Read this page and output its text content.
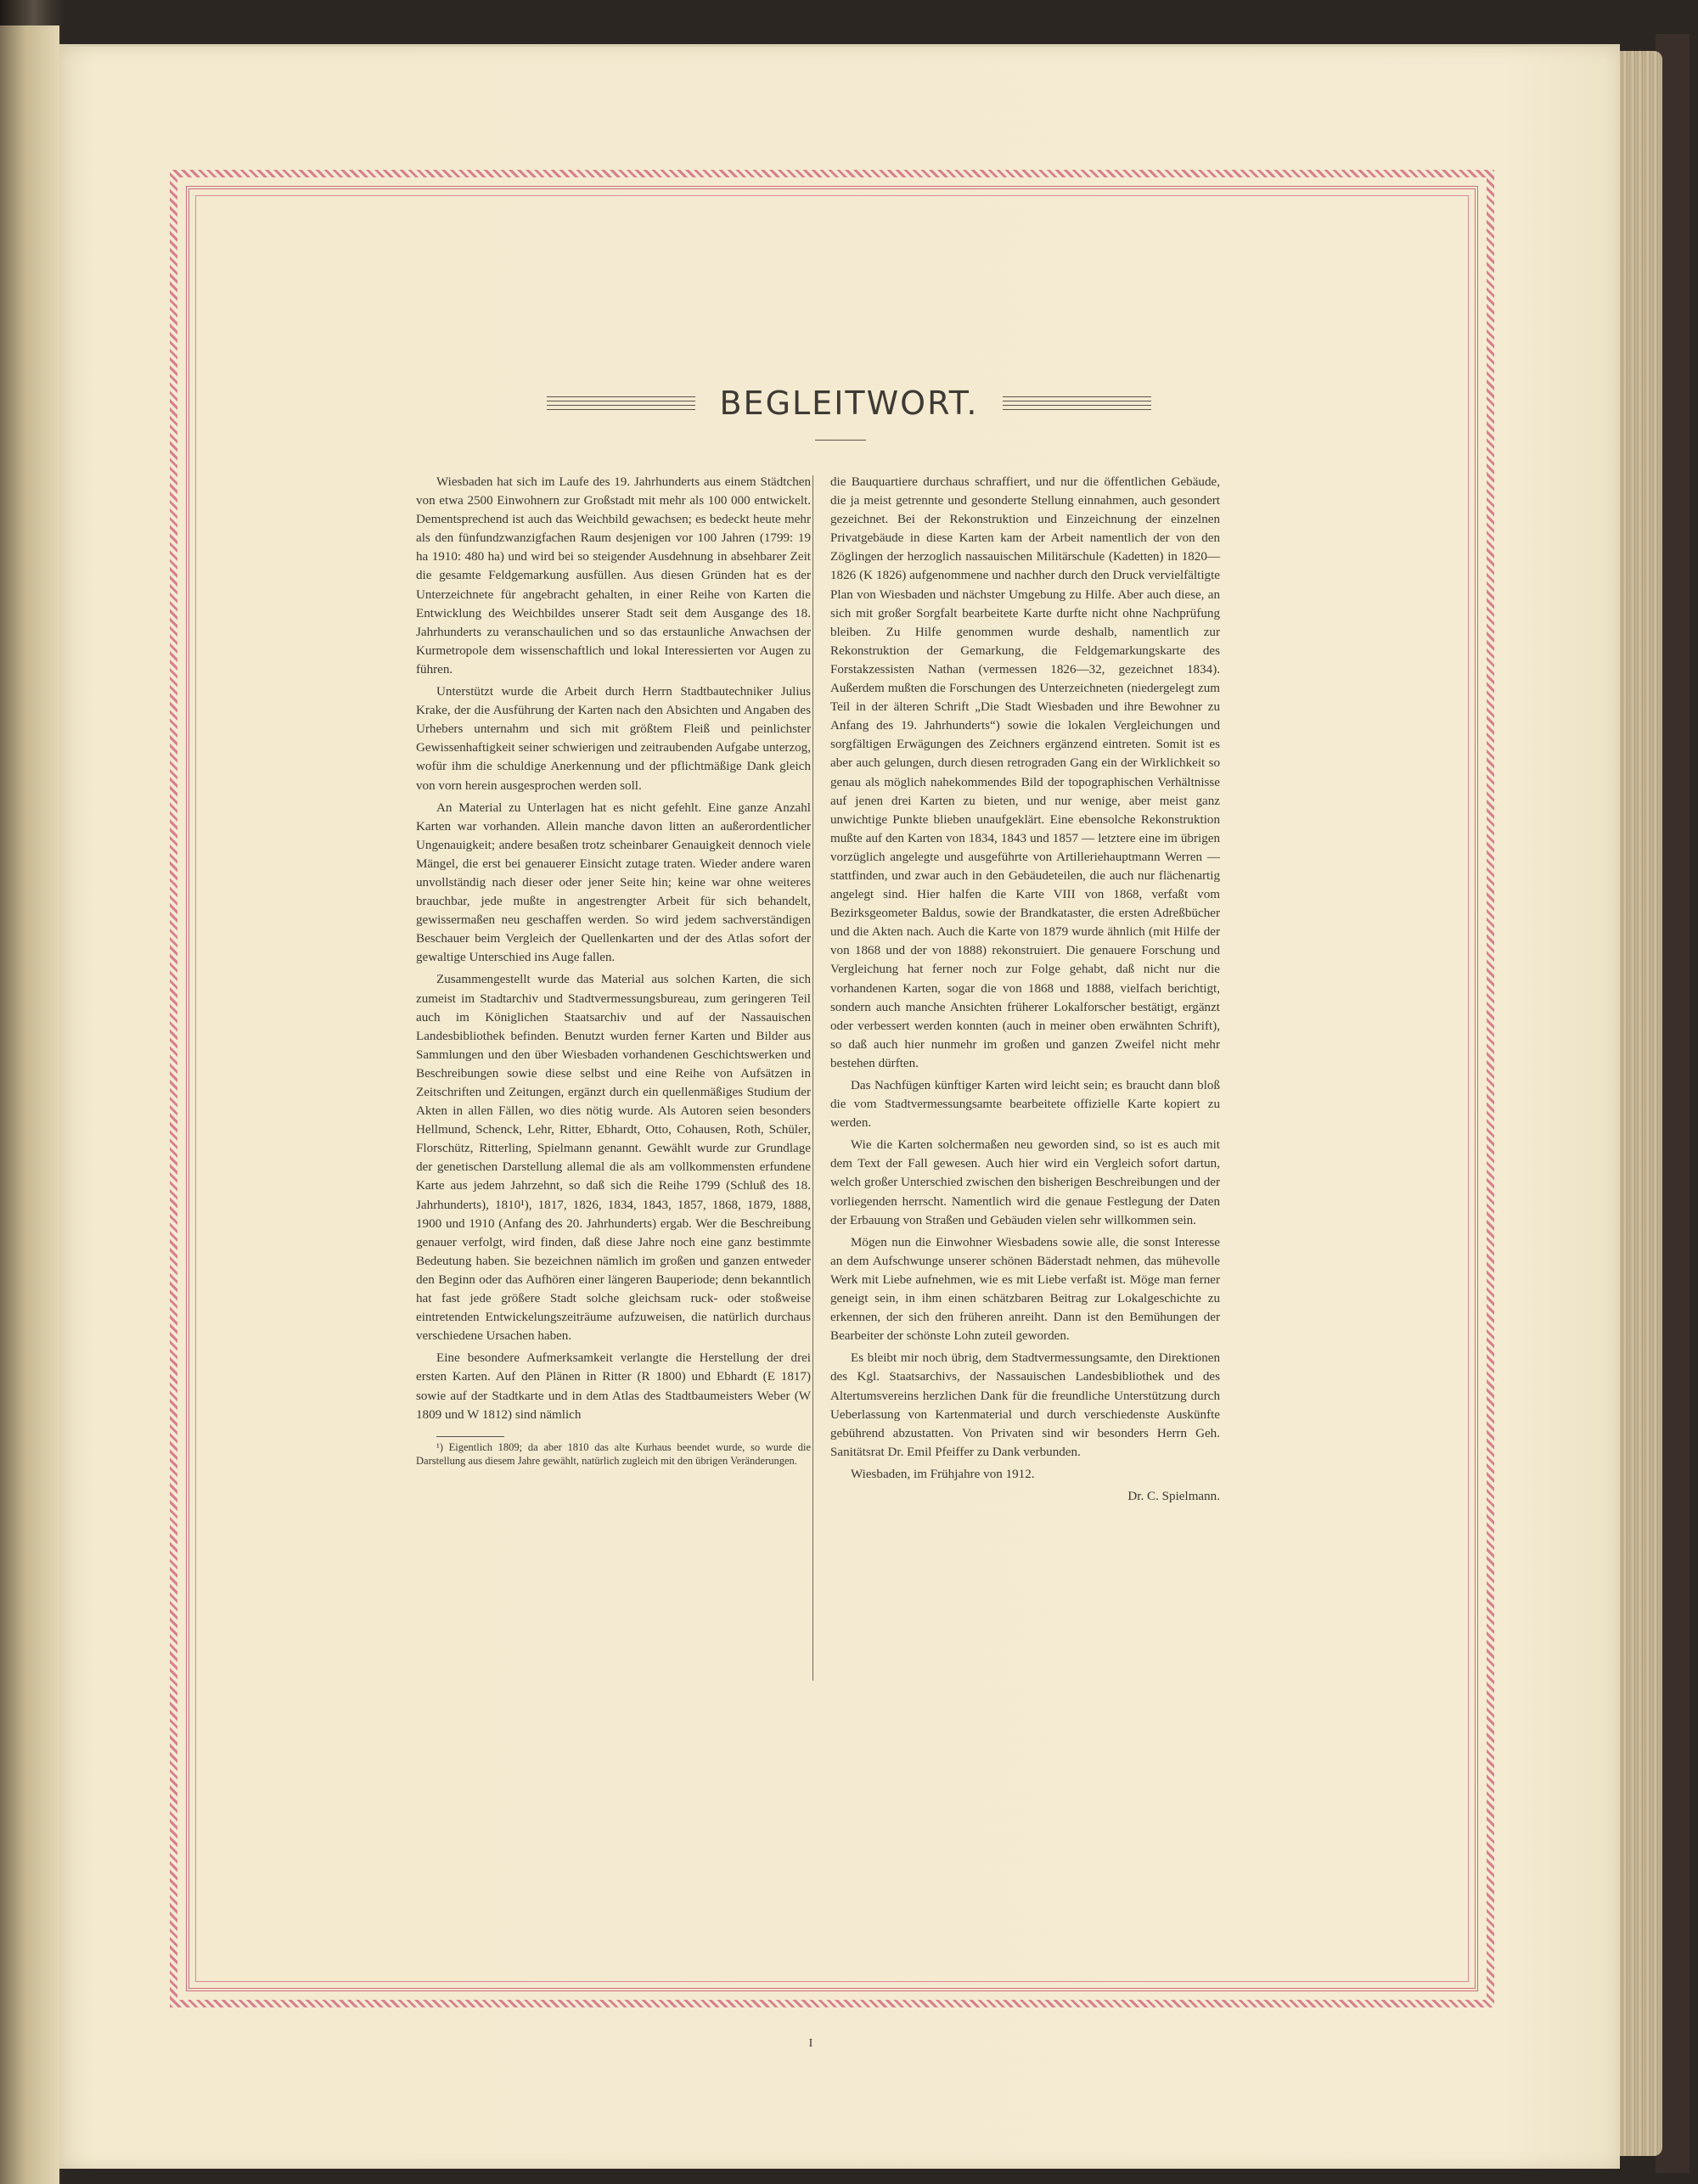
BEGLEITWORT.

Wiesbaden hat sich im Laufe des 19. Jahrhunderts aus einem Städtchen von etwa 2500 Einwohnern zur Großstadt mit mehr als 100 000 entwickelt. Dementsprechend ist auch das Weichbild gewachsen; es bedeckt heute mehr als den fünfundzwanzigfachen Raum desjenigen vor 100 Jahren (1799: 19 ha 1910: 480 ha) und wird bei so steigender Ausdehnung in absehbarer Zeit die gesamte Feldgemarkung ausfüllen. Aus diesen Gründen hat es der Unterzeichnete für angebracht gehalten, in einer Reihe von Karten die Entwicklung des Weichbildes unserer Stadt seit dem Ausgange des 18. Jahrhunderts zu veranschaulichen und so das erstaunliche Anwachsen der Kurmetropole dem wissenschaftlich und lokal Interessierten vor Augen zu führen.

Unterstützt wurde die Arbeit durch Herrn Stadtbautechniker Julius Krake, der die Ausführung der Karten nach den Absichten und Angaben des Urhebers unternahm und sich mit größtem Fleiß und peinlichster Gewissenhaftigkeit seiner schwierigen und zeitraubenden Aufgabe unterzog, wofür ihm die schuldige Anerkennung und der pflichtmäßige Dank gleich von vorn herein ausgesprochen werden soll.

An Material zu Unterlagen hat es nicht gefehlt. Eine ganze Anzahl Karten war vorhanden. Allein manche davon litten an außerordentlicher Ungenauigkeit; andere besaßen trotz scheinbarer Genauigkeit dennoch viele Mängel, die erst bei genauerer Einsicht zutage traten. Wieder andere waren unvollständig nach dieser oder jener Seite hin; keine war ohne weiteres brauchbar, jede mußte in angestrengter Arbeit für sich behandelt, gewissermaßen neu geschaffen werden. So wird jedem sachverständigen Beschauer beim Vergleich der Quellenkarten und der des Atlas sofort der gewaltige Unterschied ins Auge fallen.

Zusammengestellt wurde das Material aus solchen Karten, die sich zumeist im Stadtarchiv und Stadtvermessungsbureau, zum geringeren Teil auch im Königlichen Staatsarchiv und auf der Nassauischen Landesbibliothek befinden. Benutzt wurden ferner Karten und Bilder aus Sammlungen und den über Wiesbaden vorhandenen Geschichtswerken und Beschreibungen sowie diese selbst und eine Reihe von Aufsätzen in Zeitschriften und Zeitungen, ergänzt durch ein quellenmäßiges Studium der Akten in allen Fällen, wo dies nötig wurde. Als Autoren seien besonders Hellmund, Schenck, Lehr, Ritter, Ebhardt, Otto, Cohausen, Roth, Schüler, Florschütz, Ritterling, Spielmann genannt. Gewählt wurde zur Grundlage der genetischen Darstellung allemal die als am vollkommensten erfundene Karte aus jedem Jahrzehnt, so daß sich die Reihe 1799 (Schluß des 18. Jahrhunderts), 1810¹), 1817, 1826, 1834, 1843, 1857, 1868, 1879, 1888, 1900 und 1910 (Anfang des 20. Jahrhunderts) ergab. Wer die Beschreibung genauer verfolgt, wird finden, daß diese Jahre noch eine ganz bestimmte Bedeutung haben. Sie bezeichnen nämlich im großen und ganzen entweder den Beginn oder das Aufhören einer längeren Bauperiode; denn bekanntlich hat fast jede größere Stadt solche gleichsam ruck- oder stoßweise eintretenden Entwickelungszeiträume aufzuweisen, die natürlich durchaus verschiedene Ursachen haben.

Eine besondere Aufmerksamkeit verlangte die Herstellung der drei ersten Karten. Auf den Plänen in Ritter (R 1800) und Ebhardt (E 1817) sowie auf der Stadtkarte und in dem Atlas des Stadtbaumeisters Weber (W 1809 und W 1812) sind nämlich

¹) Eigentlich 1809; da aber 1810 das alte Kurhaus beendet wurde, so wurde die Darstellung aus diesem Jahre gewählt, natürlich zugleich mit den übrigen Veränderungen.

die Bauquartiere durchaus schraffiert, und nur die öffentlichen Gebäude, die ja meist getrennte und gesonderte Stellung einnahmen, auch gesondert gezeichnet. Bei der Rekonstruktion und Einzeichnung der einzelnen Privatgebäude in diese Karten kam der Arbeit namentlich der von den Zöglingen der herzoglich nassauischen Militärschule (Kadetten) in 1820—1826 (K 1826) aufgenommene und nachher durch den Druck vervielfältigte Plan von Wiesbaden und nächster Umgebung zu Hilfe. Aber auch diese, an sich mit großer Sorgfalt bearbeitete Karte durfte nicht ohne Nachprüfung bleiben. Zu Hilfe genommen wurde deshalb, namentlich zur Rekonstruktion der Gemarkung, die Feldgemarkungskarte des Forstakzessisten Nathan (vermessen 1826—32, gezeichnet 1834). Außerdem mußten die Forschungen des Unterzeichneten (niedergelegt zum Teil in der älteren Schrift „Die Stadt Wiesbaden und ihre Bewohner zu Anfang des 19. Jahrhunderts“) sowie die lokalen Vergleichungen und sorgfältigen Erwägungen des Zeichners ergänzend eintreten. Somit ist es aber auch gelungen, durch diesen retrograden Gang ein der Wirklichkeit so genau als möglich nahekommendes Bild der topographischen Verhältnisse auf jenen drei Karten zu bieten, und nur wenige, aber meist ganz unwichtige Punkte blieben unaufgeklärt. Eine ebensolche Rekonstruktion mußte auf den Karten von 1834, 1843 und 1857 — letztere eine im übrigen vorzüglich angelegte und ausgeführte von Artilleriehauptmann Werren — stattfinden, und zwar auch in den Gebäudeteilen, die auch nur flächenartig angelegt sind. Hier halfen die Karte VIII von 1868, verfaßt vom Bezirksgeometer Baldus, sowie der Brandkataster, die ersten Adreßbücher und die Akten nach. Auch die Karte von 1879 wurde ähnlich (mit Hilfe der von 1868 und der von 1888) rekonstruiert. Die genauere Forschung und Vergleichung hat ferner noch zur Folge gehabt, daß nicht nur die vorhandenen Karten, sogar die von 1868 und 1888, vielfach berichtigt, sondern auch manche Ansichten früherer Lokalforscher bestätigt, ergänzt oder verbessert werden konnten (auch in meiner oben erwähnten Schrift), so daß auch hier nunmehr im großen und ganzen Zweifel nicht mehr bestehen dürften.

Das Nachfügen künftiger Karten wird leicht sein; es braucht dann bloß die vom Stadtvermessungsamte bearbeitete offizielle Karte kopiert zu werden.

Wie die Karten solchermaßen neu geworden sind, so ist es auch mit dem Text der Fall gewesen. Auch hier wird ein Vergleich sofort dartun, welch großer Unterschied zwischen den bisherigen Beschreibungen und der vorliegenden herrscht. Namentlich wird die genaue Festlegung der Daten der Erbauung von Straßen und Gebäuden vielen sehr willkommen sein.

Mögen nun die Einwohner Wiesbadens sowie alle, die sonst Interesse an dem Aufschwunge unserer schönen Bäderstadt nehmen, das mühevolle Werk mit Liebe aufnehmen, wie es mit Liebe verfaßt ist. Möge man ferner geneigt sein, in ihm einen schätzbaren Beitrag zur Lokalgeschichte zu erkennen, der sich den früheren anreiht. Dann ist den Bemühungen der Bearbeiter der schönste Lohn zuteil geworden.

Es bleibt mir noch übrig, dem Stadtvermessungsamte, den Direktionen des Kgl. Staatsarchivs, der Nassauischen Landesbibliothek und des Altertumsvereins herzlichen Dank für die freundliche Unterstützung durch Ueberlassung von Kartenmaterial und durch verschiedenste Auskünfte gebührend abzustatten. Von Privaten sind wir besonders Herrn Geh. Sanitätsrat Dr. Emil Pfeiffer zu Dank verbunden.

Wiesbaden, im Frühjahre von 1912.

Dr. C. Spielmann.

I
